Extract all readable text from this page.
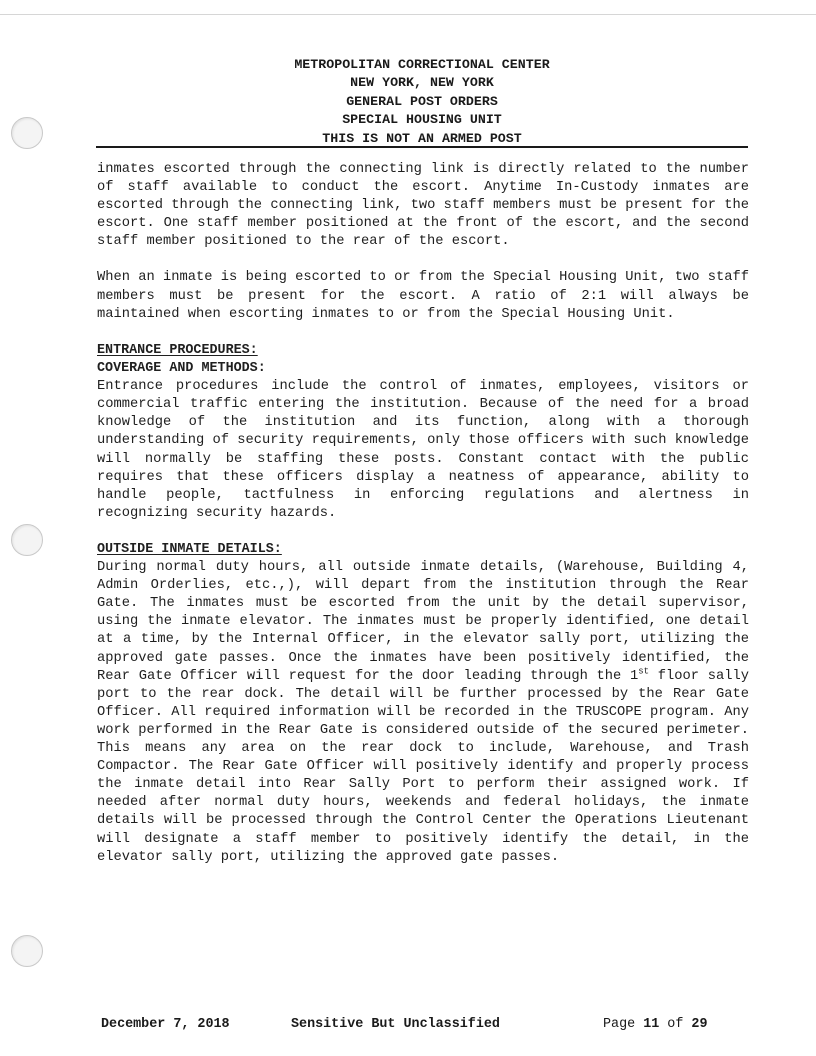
METROPOLITAN CORRECTIONAL CENTER
NEW YORK, NEW YORK
GENERAL POST ORDERS
SPECIAL HOUSING UNIT
THIS IS NOT AN ARMED POST

inmates escorted through the connecting link is directly related to the number of staff available to conduct the escort. Anytime In-Custody inmates are escorted through the connecting link, two staff members must be present for the escort. One staff member positioned at the front of the escort, and the second staff member positioned to the rear of the escort.

When an inmate is being escorted to or from the Special Housing Unit, two staff members must be present for the escort. A ratio of 2:1 will always be maintained when escorting inmates to or from the Special Housing Unit.

ENTRANCE PROCEDURES:

COVERAGE AND METHODS:

Entrance procedures include the control of inmates, employees, visitors or commercial traffic entering the institution. Because of the need for a broad knowledge of the institution and its function, along with a thorough understanding of security requirements, only those officers with such knowledge will normally be staffing these posts. Constant contact with the public requires that these officers display a neatness of appearance, ability to handle people, tactfulness in enforcing regulations and alertness in recognizing security hazards.

OUTSIDE INMATE DETAILS:

During normal duty hours, all outside inmate details, (Warehouse, Building 4, Admin Orderlies, etc.,), will depart from the institution through the Rear Gate. The inmates must be escorted from the unit by the detail supervisor, using the inmate elevator. The inmates must be properly identified, one detail at a time, by the Internal Officer, in the elevator sally port, utilizing the approved gate passes. Once the inmates have been positively identified, the Rear Gate Officer will request for the door leading through the 1st floor sally port to the rear dock. The detail will be further processed by the Rear Gate Officer. All required information will be recorded in the TRUSCOPE program. Any work performed in the Rear Gate is considered outside of the secured perimeter. This means any area on the rear dock to include, Warehouse, and Trash Compactor. The Rear Gate Officer will positively identify and properly process the inmate detail into Rear Sally Port to perform their assigned work. If needed after normal duty hours, weekends and federal holidays, the inmate details will be processed through the Control Center the Operations Lieutenant will designate a staff member to positively identify the detail, in the elevator sally port, utilizing the approved gate passes.

December 7, 2018	Sensitive But Unclassified	Page 11 of 29
